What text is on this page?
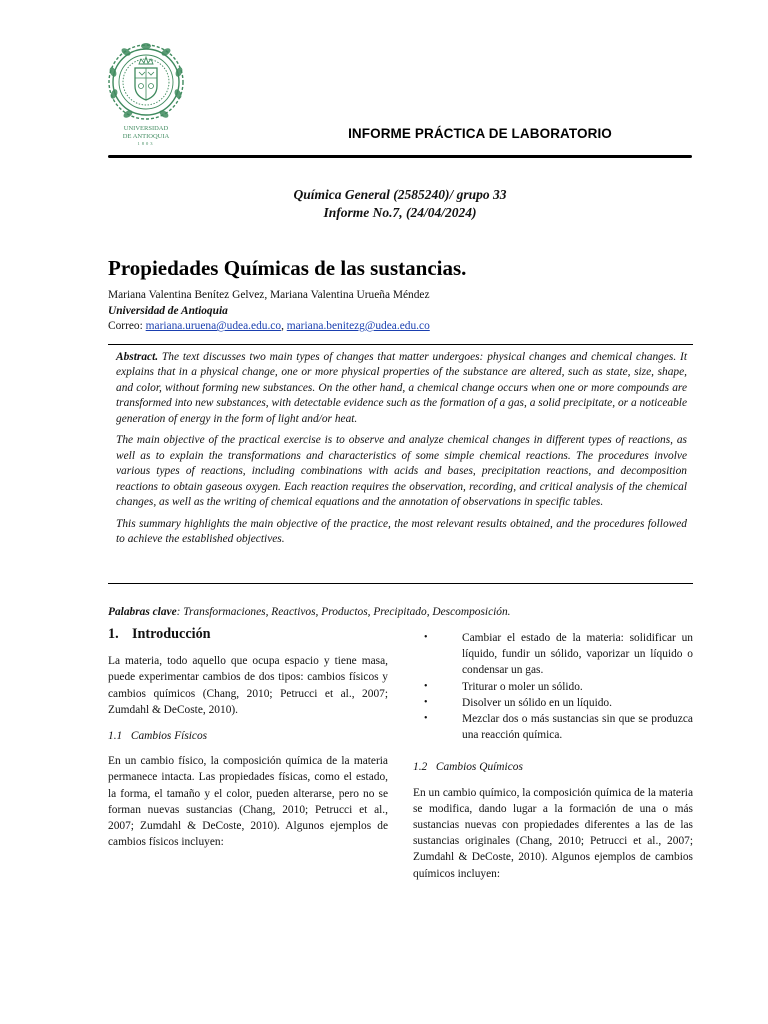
UNIVERSIDAD
DE ANTIOQUIA
1803
INFORME PRÁCTICA DE LABORATORIO
Química General (2585240)/ grupo 33
Informe No.7, (24/04/2024)
Propiedades Químicas de las sustancias.
Mariana Valentina Benítez Gelvez, Mariana Valentina Urueña Méndez
Universidad de Antioquia
Correo: mariana.uruena@udea.edu.co, mariana.benitezg@udea.edu.co

Abstract. The text discusses two main types of changes that matter undergoes: physical changes and chemical changes. It explains that in a physical change, one or more physical properties of the substance are altered, such as state, size, shape, and color, without forming new substances. On the other hand, a chemical change occurs when one or more compounds are transformed into new substances, with detectable evidence such as the formation of a gas, a solid precipitate, or a noticeable generation of energy in the form of light and/or heat.

The main objective of the practical exercise is to observe and analyze chemical changes in different types of reactions, as well as to explain the transformations and characteristics of some simple chemical reactions. The procedures involve various types of reactions, including combinations with acids and bases, precipitation reactions, and decomposition reactions to obtain gaseous oxygen. Each reaction requires the observation, recording, and critical analysis of the chemical changes, as well as the writing of chemical equations and the annotation of observations in specific tables.

This summary highlights the main objective of the practice, the most relevant results obtained, and the procedures followed to achieve the established objectives.

Palabras clave: Transformaciones, Reactivos, Productos, Precipitado, Descomposición.
1. Introducción

La materia, todo aquello que ocupa espacio y tiene masa, puede experimentar cambios de dos tipos: cambios físicos y cambios químicos (Chang, 2010; Petrucci et al., 2007; Zumdahl & DeCoste, 2010).

1.1 Cambios Físicos

En un cambio físico, la composición química de la materia permanece intacta. Las propiedades físicas, como el estado, la forma, el tamaño y el color, pueden alterarse, pero no se forman nuevas sustancias (Chang, 2010; Petrucci et al., 2007; Zumdahl & DeCoste, 2010). Algunos ejemplos de cambios físicos incluyen:

•	Cambiar el estado de la materia: solidificar un líquido, fundir un sólido, vaporizar un líquido o condensar un gas.
•	Triturar o moler un sólido.
•	Disolver un sólido en un líquido.
•	Mezclar dos o más sustancias sin que se produzca una reacción química.
1.2 Cambios Químicos

En un cambio químico, la composición química de la materia se modifica, dando lugar a la formación de una o más sustancias nuevas con propiedades diferentes a las de las sustancias originales (Chang, 2010; Petrucci et al., 2007; Zumdahl & DeCoste, 2010). Algunos ejemplos de cambios químicos incluyen:
